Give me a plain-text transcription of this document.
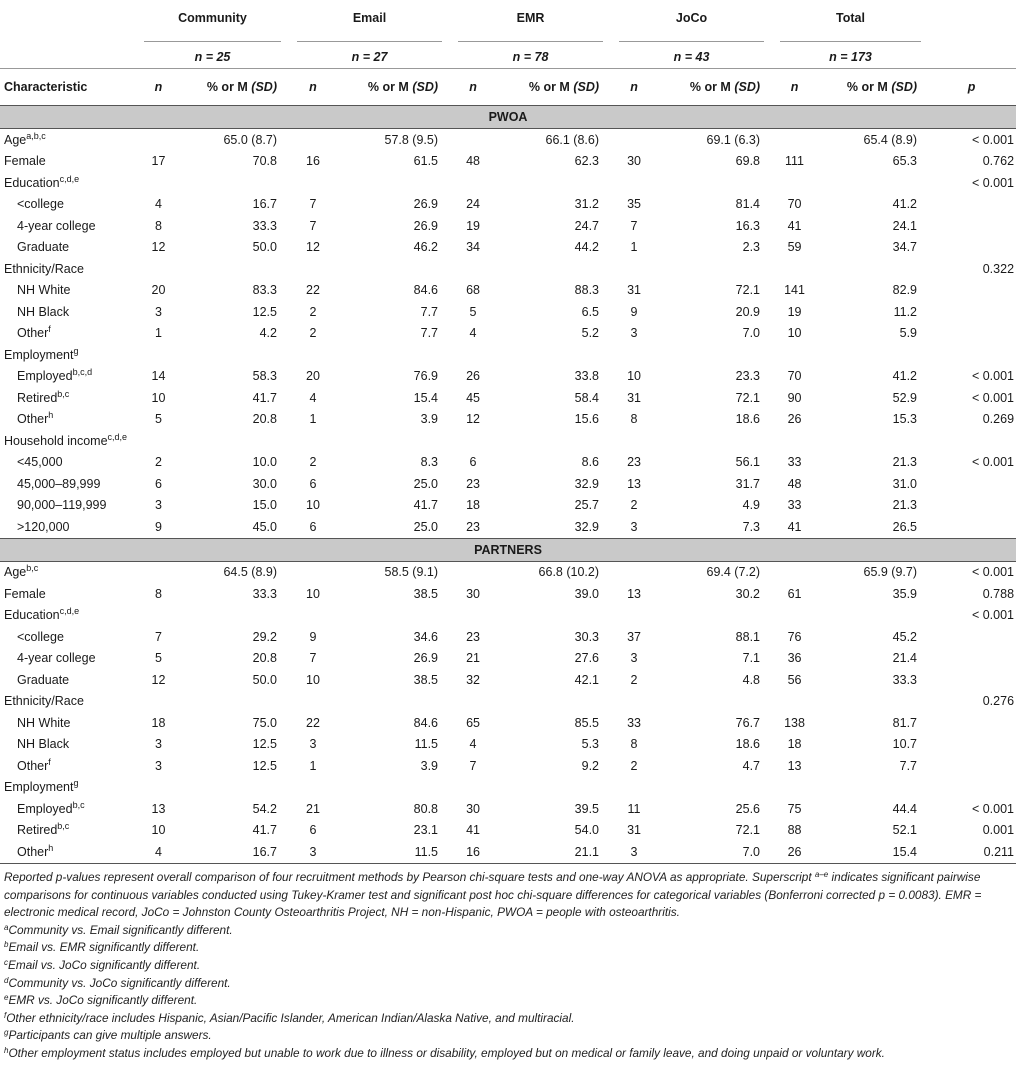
	Community		Email		EMR		JoCo		Total		

	n = 25		n = 27		n = 78		n = 43		n = 173		

Characteristic	n	% or M (SD)	n	% or M (SD)	n	% or M (SD)	n	% or M (SD)	n	% or M (SD)	p
PWOA											
Age$^{a,b,c}$		65.0 (8.7)		57.8 (9.5)		66.1 (8.6)		69.1 (6.3)		65.4 (8.9)	< 0.001
Female	17	70.8	16	61.5	48	62.3	30	69.8	111	65.3	0.762
Education$^{c,d,e}$											< 0.001
<college	4	16.7	7	26.9	24	31.2	35	81.4	70	41.2	
4-year college	8	33.3	7	26.9	19	24.7	7	16.3	41	24.1	
Graduate	12	50.0	12	46.2	34	44.2	1	2.3	59	34.7	
Ethnicity/Race											0.322
NH White	20	83.3	22	84.6	68	88.3	31	72.1	141	82.9	
NH Black	3	12.5	2	7.7	5	6.5	9	20.9	19	11.2	
Other$^f$	1	4.2	2	7.7	4	5.2	3	7.0	10	5.9	
Employment$^g$											
Employed$^{b,c,d}$	14	58.3	20	76.9	26	33.8	10	23.3	70	41.2	< 0.001
Retired$^{b,c}$	10	41.7	4	15.4	45	58.4	31	72.1	90	52.9	< 0.001
Other$^h$	5	20.8	1	3.9	12	15.6	8	18.6	26	15.3	0.269
Household income$^{c,d,e}$											
<45,000	2	10.0	2	8.3	6	8.6	23	56.1	33	21.3	< 0.001
45,000–89,999	6	30.0	6	25.0	23	32.9	13	31.7	48	31.0	
90,000–119,999	3	15.0	10	41.7	18	25.7	2	4.9	33	21.3	
>120,000	9	45.0	6	25.0	23	32.9	3	7.3	41	26.5	
PARTNERS											
Age$^{b,c}$		64.5 (8.9)		58.5 (9.1)		66.8 (10.2)		69.4 (7.2)		65.9 (9.7)	< 0.001
Female	8	33.3	10	38.5	30	39.0	13	30.2	61	35.9	0.788
Education$^{c,d,e}$											< 0.001
<college	7	29.2	9	34.6	23	30.3	37	88.1	76	45.2	
4-year college	5	20.8	7	26.9	21	27.6	3	7.1	36	21.4	
Graduate	12	50.0	10	38.5	32	42.1	2	4.8	56	33.3	
Ethnicity/Race											0.276
NH White	18	75.0	22	84.6	65	85.5	33	76.7	138	81.7	
NH Black	3	12.5	3	11.5	4	5.3	8	18.6	18	10.7	
Other$^f$	3	12.5	1	3.9	7	9.2	2	4.7	13	7.7	
Employment$^g$											
Employed$^{b,c}$	13	54.2	21	80.8	30	39.5	11	25.6	75	44.4	< 0.001
Retired$^{b,c}$	10	41.7	6	23.1	41	54.0	31	72.1	88	52.1	0.001
Other$^h$	4	16.7	3	11.5	16	21.1	3	7.0	26	15.4	0.211

Reported p-values represent overall comparison of four recruitment methods by Pearson chi-square tests and one-way ANOVA as appropriate. Superscript $^{a-e}$ indicates significant pairwise comparisons for continuous variables conducted using Tukey-Kramer test and significant post hoc chi-square differences for categorical variables (Bonferroni corrected p = 0.0083). EMR = electronic medical record, JoCo = Johnston County Osteoarthritis Project, NH = non-Hispanic, PWOA = people with osteoarthritis.

$^a$Community vs. Email significantly different.

$^b$Email vs. EMR significantly different.

$^c$Email vs. JoCo significantly different.

$^d$Community vs. JoCo significantly different.

$^e$EMR vs. JoCo significantly different.

$^f$Other ethnicity/race includes Hispanic, Asian/Pacific Islander, American Indian/Alaska Native, and multiracial.

$^g$Participants can give multiple answers.

$^h$Other employment status includes employed but unable to work due to illness or disability, employed but on medical or family leave, and doing unpaid or voluntary work.
